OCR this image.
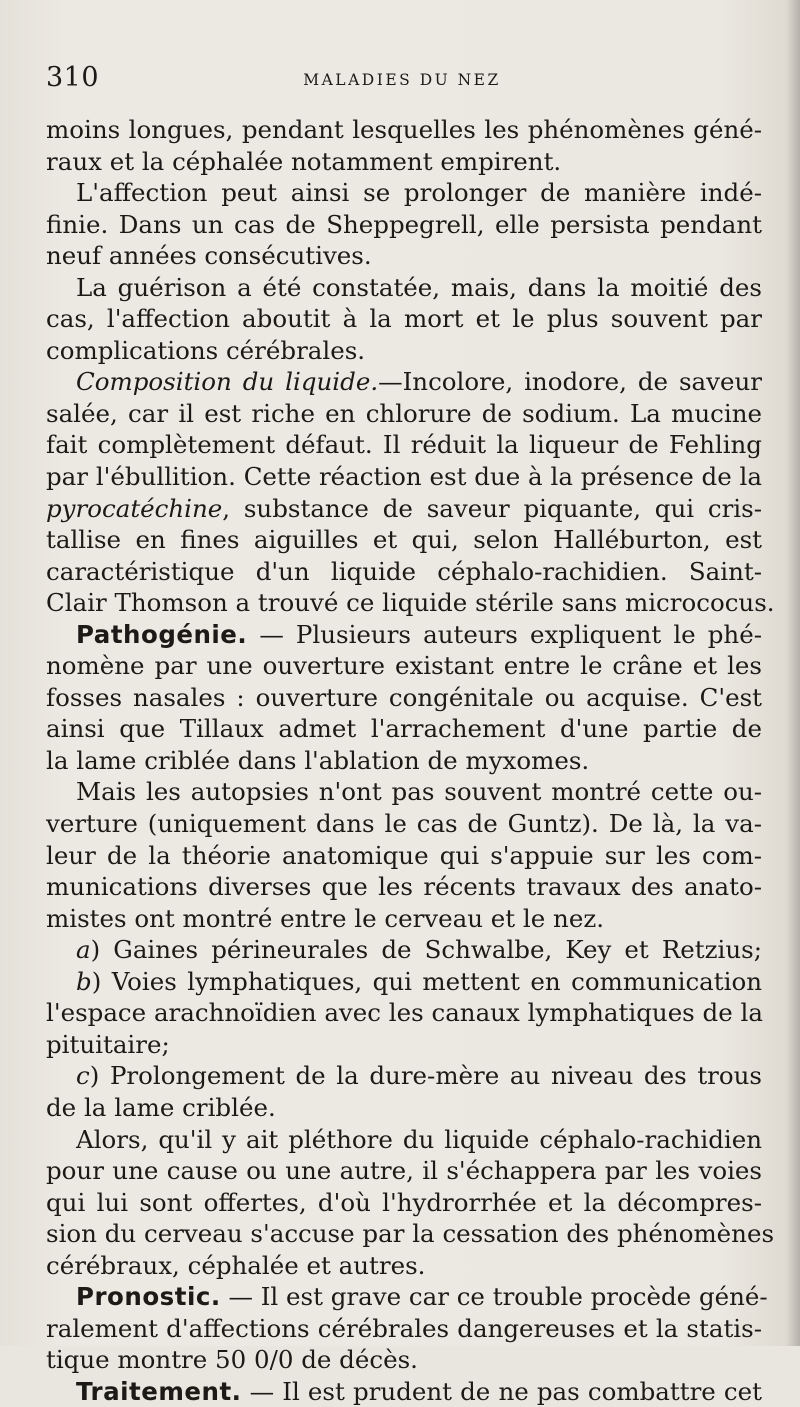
310	MALADIES DU NEZ
moins longues, pendant lesquelles les phénomènes géné-
raux et la céphalée notamment empirent.
L'affection peut ainsi se prolonger de manière indé-
finie. Dans un cas de Sheppegrell, elle persista pendant
neuf années consécutives.
La guérison a été constatée, mais, dans la moitié des
cas, l'affection aboutit à la mort et le plus souvent par
complications cérébrales.
Composition du liquide.—Incolore, inodore, de saveur
salée, car il est riche en chlorure de sodium. La mucine
fait complètement défaut. Il réduit la liqueur de Fehling
par l'ébullition. Cette réaction est due à la présence de la
pyrocatéchine, substance de saveur piquante, qui cris-
tallise en fines aiguilles et qui, selon Halléburton, est
caractéristique d'un liquide céphalo-rachidien. Saint-
Clair Thomson a trouvé ce liquide stérile sans micrococus.
Pathogénie. — Plusieurs auteurs expliquent le phé-
nomène par une ouverture existant entre le crâne et les
fosses nasales : ouverture congénitale ou acquise. C'est
ainsi que Tillaux admet l'arrachement d'une partie de
la lame criblée dans l'ablation de myxomes.
Mais les autopsies n'ont pas souvent montré cette ou-
verture (uniquement dans le cas de Guntz). De là, la va-
leur de la théorie anatomique qui s'appuie sur les com-
munications diverses que les récents travaux des anato-
mistes ont montré entre le cerveau et le nez.
a) Gaines périneurales de Schwalbe, Key et Retzius;
b) Voies lymphatiques, qui mettent en communication
l'espace arachnoïdien avec les canaux lymphatiques de la
pituitaire;
c) Prolongement de la dure-mère au niveau des trous
de la lame criblée.
Alors, qu'il y ait pléthore du liquide céphalo-rachidien
pour une cause ou une autre, il s'échappera par les voies
qui lui sont offertes, d'où l'hydrorrhée et la décompres-
sion du cerveau s'accuse par la cessation des phénomènes
cérébraux, céphalée et autres.
Pronostic. — Il est grave car ce trouble procède géné-
ralement d'affections cérébrales dangereuses et la statis-
tique montre 50 0/0 de décès.
Traitement. — Il est prudent de ne pas combattre cet
